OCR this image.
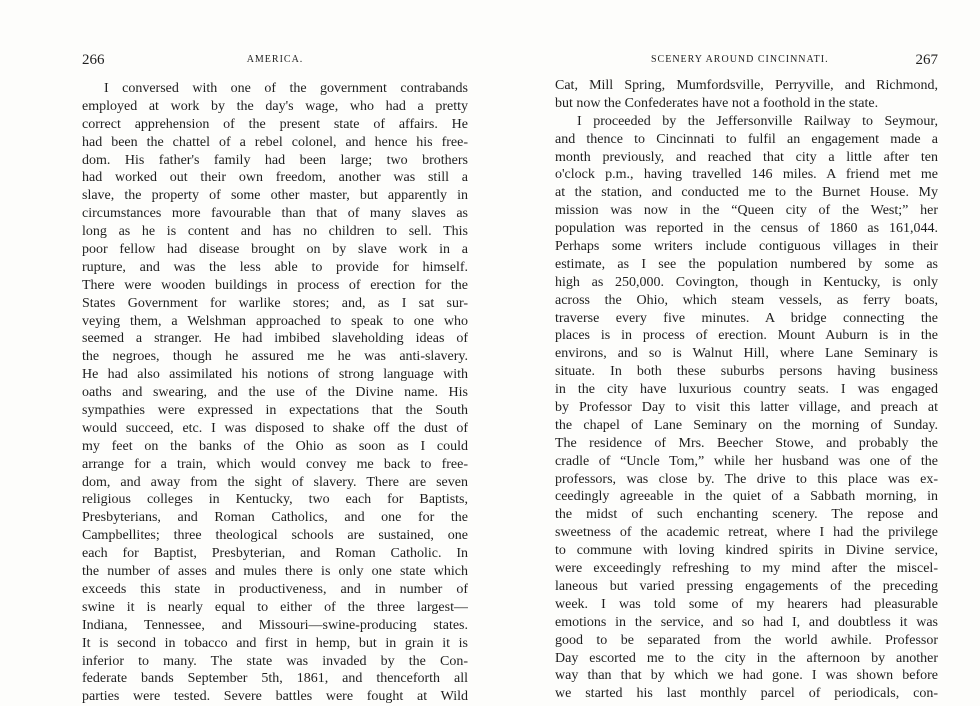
266	AMERICA.
I conversed with one of the government contrabands
employed at work by the day's wage, who had a pretty
correct apprehension of the present state of affairs. He
had been the chattel of a rebel colonel, and hence his free-
dom. His father's family had been large; two brothers
had worked out their own freedom, another was still a
slave, the property of some other master, but apparently in
circumstances more favourable than that of many slaves as
long as he is content and has no children to sell. This
poor fellow had disease brought on by slave work in a
rupture, and was the less able to provide for himself.
There were wooden buildings in process of erection for the
States Government for warlike stores; and, as I sat sur-
veying them, a Welshman approached to speak to one who
seemed a stranger. He had imbibed slaveholding ideas of
the negroes, though he assured me he was anti-slavery.
He had also assimilated his notions of strong language with
oaths and swearing, and the use of the Divine name. His
sympathies were expressed in expectations that the South
would succeed, etc. I was disposed to shake off the dust of
my feet on the banks of the Ohio as soon as I could
arrange for a train, which would convey me back to free-
dom, and away from the sight of slavery. There are seven
religious colleges in Kentucky, two each for Baptists,
Presbyterians, and Roman Catholics, and one for the
Campbellites; three theological schools are sustained, one
each for Baptist, Presbyterian, and Roman Catholic. In
the number of asses and mules there is only one state which
exceeds this state in productiveness, and in number of
swine it is nearly equal to either of the three largest—
Indiana, Tennessee, and Missouri—swine-producing states.
It is second in tobacco and first in hemp, but in grain it is
inferior to many. The state was invaded by the Con-
federate bands September 5th, 1861, and thenceforth all
parties were tested. Severe battles were fought at Wild
SCENERY AROUND CINCINNATI.	267
Cat, Mill Spring, Mumfordsville, Perryville, and Richmond,
but now the Confederates have not a foothold in the state.
I proceeded by the Jeffersonville Railway to Seymour,
and thence to Cincinnati to fulfil an engagement made a
month previously, and reached that city a little after ten
o'clock p.m., having travelled 146 miles. A friend met me
at the station, and conducted me to the Burnet House. My
mission was now in the “Queen city of the West;” her
population was reported in the census of 1860 as 161,044.
Perhaps some writers include contiguous villages in their
estimate, as I see the population numbered by some as
high as 250,000. Covington, though in Kentucky, is only
across the Ohio, which steam vessels, as ferry boats,
traverse every five minutes. A bridge connecting the
places is in process of erection. Mount Auburn is in the
environs, and so is Walnut Hill, where Lane Seminary is
situate. In both these suburbs persons having business
in the city have luxurious country seats. I was engaged
by Professor Day to visit this latter village, and preach at
the chapel of Lane Seminary on the morning of Sunday.
The residence of Mrs. Beecher Stowe, and probably the
cradle of “Uncle Tom,” while her husband was one of the
professors, was close by. The drive to this place was ex-
ceedingly agreeable in the quiet of a Sabbath morning, in
the midst of such enchanting scenery. The repose and
sweetness of the academic retreat, where I had the privilege
to commune with loving kindred spirits in Divine service,
were exceedingly refreshing to my mind after the miscel-
laneous but varied pressing engagements of the preceding
week. I was told some of my hearers had pleasurable
emotions in the service, and so had I, and doubtless it was
good to be separated from the world awhile. Professor
Day escorted me to the city in the afternoon by another
way than that by which we had gone. I was shown before
we started his last monthly parcel of periodicals, con-
